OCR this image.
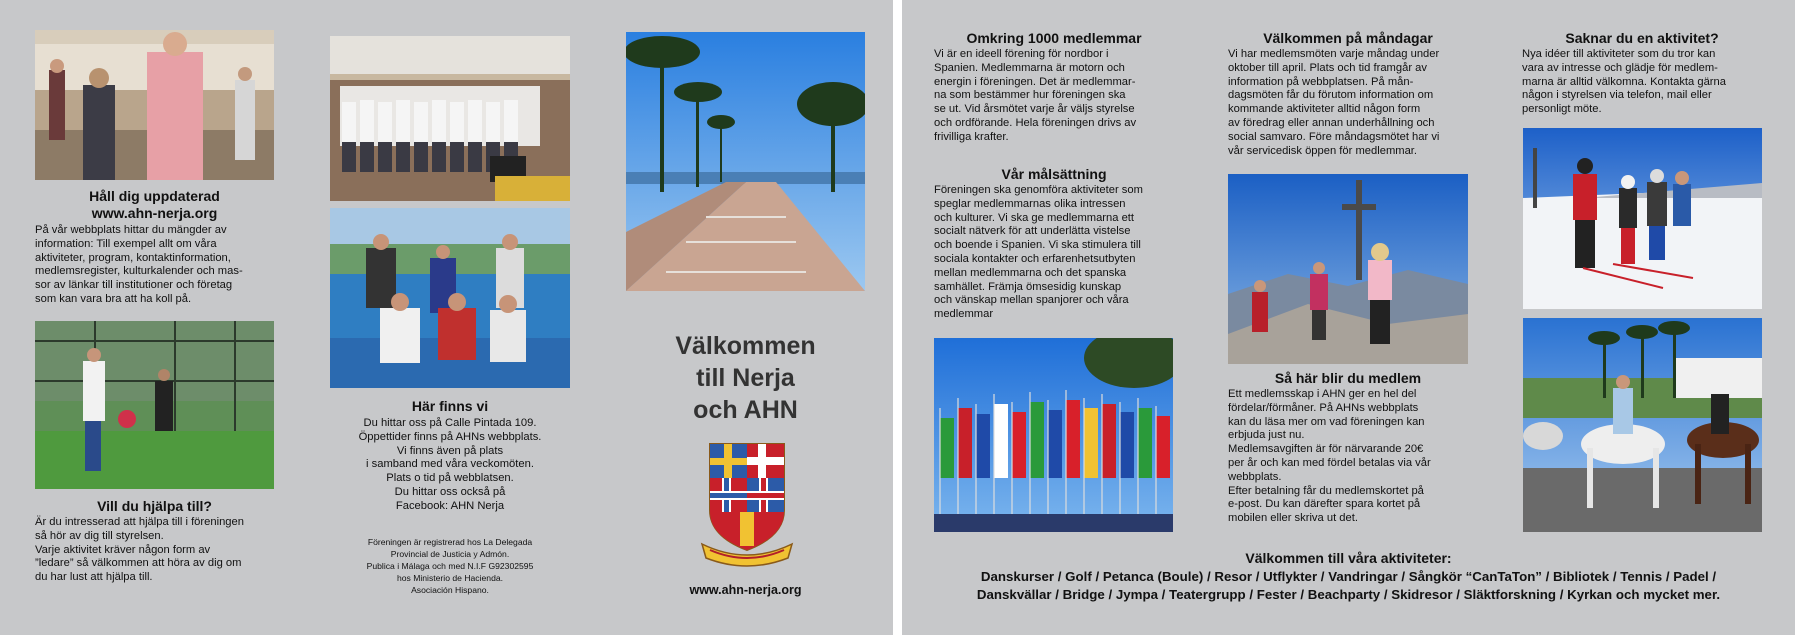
Håll dig uppdaterad
www.ahn-nerja.org

På vår webbplats hittar du mängder av

information: Till exempel allt om våra

aktiviteter, program, kontaktinformation,

medlemsregister, kulturkalender och mas-

sor av länkar till institutioner och företag

som kan vara bra att ha koll på.

Vill du hjälpa till?

Är du intresserad att hjälpa till i föreningen

så hör av dig till styrelsen.

Varje aktivitet kräver någon form av

”ledare” så välkommen att höra av dig om

du har lust att hjälpa till.

Här finns vi

Du hittar oss på Calle Pintada 109.

Öppettider finns på AHNs webbplats.

Vi finns även på plats

i samband med våra veckomöten.

Plats o tid på webblatsen.

Du hittar oss också på

Facebook: AHN Nerja

Föreningen är registrerad hos La Delegada
Provincial de Justicia y Admón.
Publica i Málaga och med N.I.F G92302595
hos Ministerio de Hacienda.
Asociación Hispano.
Välkommen
till Nerja
och AHN
www.ahn-nerja.org
Omkring 1000 medlemmar

Vi är en ideell förening för nordbor i

Spanien. Medlemmarna är motorn och

energin i föreningen. Det är medlemmar-

na som bestämmer hur föreningen ska

se ut. Vid årsmötet varje år väljs styrelse

och ordförande. Hela föreningen drivs av

frivilliga krafter.

Vår målsättning

Föreningen ska genomföra aktiviteter som

speglar medlemmarnas olika intressen

och kulturer. Vi ska ge medlemmarna ett

socialt nätverk för att underlätta vistelse

och boende i Spanien. Vi ska stimulera till

sociala kontakter och erfarenhetsutbyten

mellan medlemmarna och det spanska

samhället. Främja ömsesidig kunskap

och vänskap mellan spanjorer och våra

medlemmar

Välkommen på måndagar

Vi har medlemsmöten varje måndag under

oktober till april. Plats och tid framgår av

information på webbplatsen. På mån-

dagsmöten får du förutom information om

kommande aktiviteter alltid någon form

av föredrag eller annan underhållning och

social samvaro. Före måndagsmötet har vi

vår servicedisk öppen för medlemmar.

Så här blir du medlem

Ett medlemsskap i AHN ger en hel del

fördelar/förmåner. På AHNs webbplats

kan du läsa mer om vad föreningen kan

erbjuda just nu.

Medlemsavgiften är för närvarande 20€

per år och kan med fördel betalas via vår

webbplats.

Efter betalning får du medlemskortet på

e-post. Du kan därefter spara kortet på

mobilen eller skriva ut det.

Saknar du en aktivitet?

Nya idéer till aktiviteter som du tror kan

vara av intresse och glädje för medlem-

marna är alltid välkomna. Kontakta gärna

någon i styrelsen via telefon, mail eller

personligt möte.

Välkommen till våra aktiviteter:
Danskurser / Golf / Petanca (Boule) / Resor / Utflykter / Vandringar / Sångkör “CanTaTon” / Bibliotek / Tennis / Padel /
Danskvällar / Bridge / Jympa / Teatergrupp / Fester / Beachparty / Skidresor / Släktforskning / Kyrkan och mycket mer.
